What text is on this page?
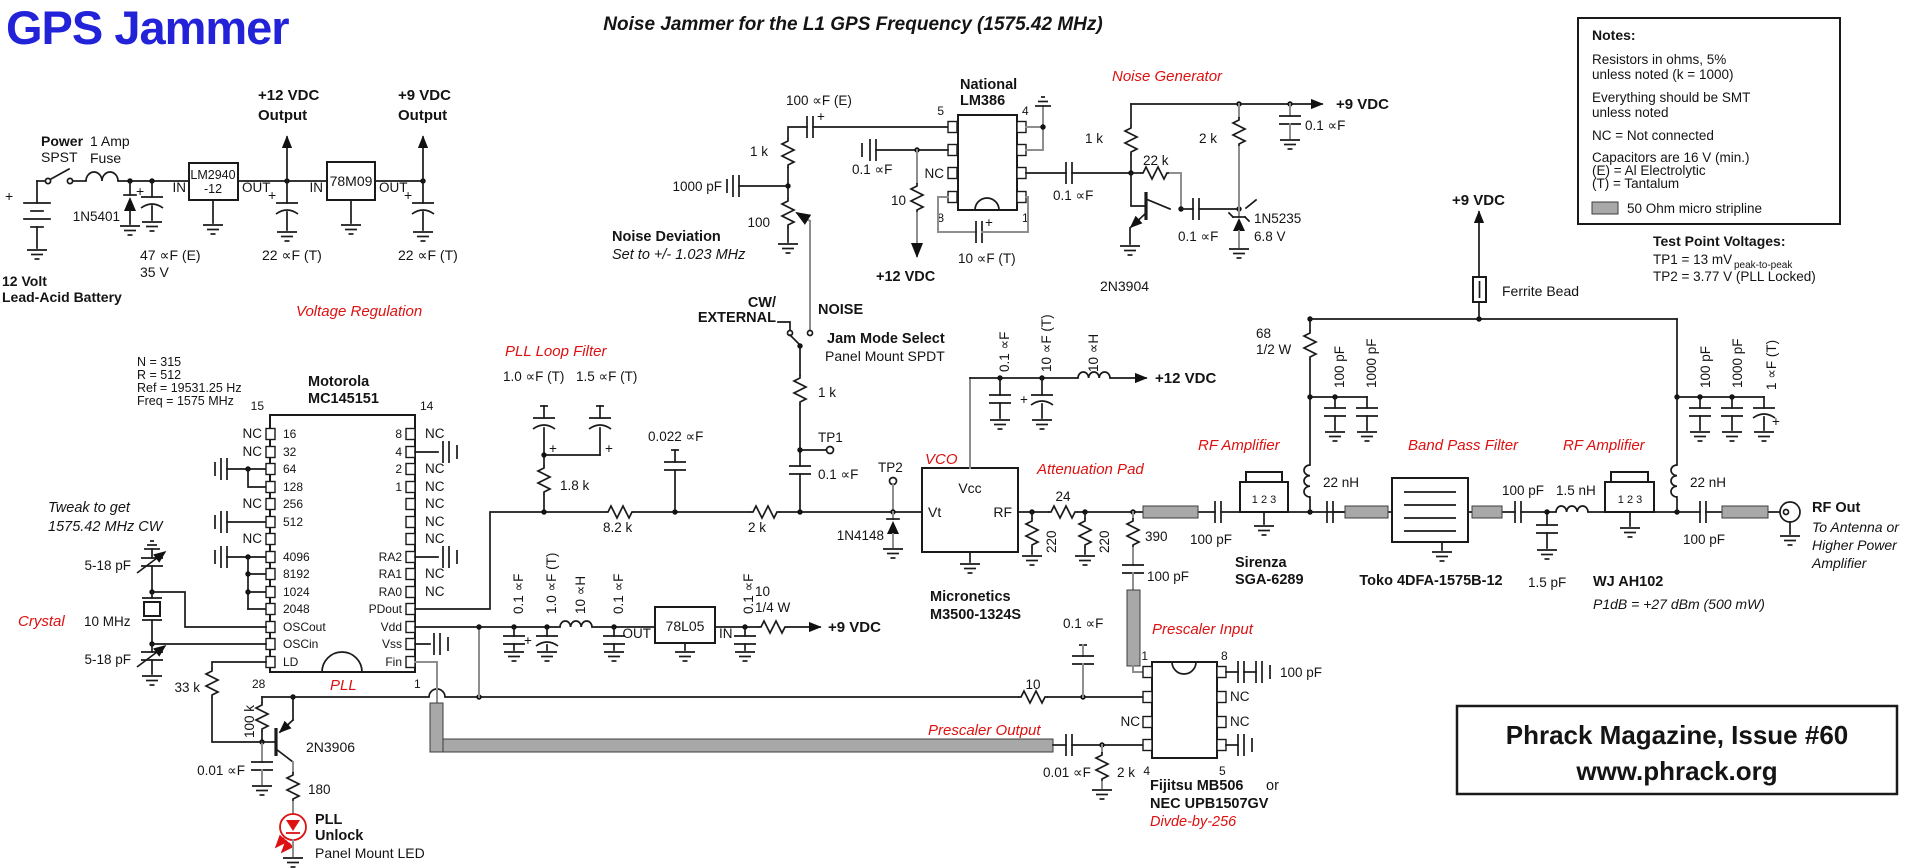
GPS Jammer	Noise Jammer for the L1 GPS Frequency (1575.42 MHz)	Notes:
Resistors in ohms, 5%
unless noted (k = 1000)
Everything should be SMT
unless noted
NC = Not connected
Capacitors are 16 V (min.)
(E) = Al Electrolytic
(T) = Tantalum
50 Ohm micro stripline
Test Point Voltages:
TP1 = 13 mV peak-to-peak
TP2 = 3.77 V (PLL Locked)
+
12 Volt
Lead-Acid Battery
Power
SPST
1 Amp
Fuse
1N5401
+
47 ∝F (E)
35 V
LM2940
-12
IN	OUT
+12 VDC
Output
+
22 ∝F (T)
78M09
IN	OUT
+9 VDC
Output
+
22 ∝F (T)
Voltage Regulation
N = 315
R = 512
Ref = 19531.25 Hz
Freq = 1575 MHz
Motorola
MC145151
NC
NC
NC
NC
15	14
28	1
16
32
64
128
256
512
4096
8192
1024
2048
OSCout
OSCin
LD
8
4
2
1
RA2
RA1
RA0
PDout
Vdd
Vss
Fin
NC
NC
NC
NC
NC
NC
NC
NC
PLL
Tweak to get
1575.42 MHz CW
5-18 pF
Crystal 10 MHz
5-18 pF
33 k
100 k
0.01 ∝F
2N3906
180
PLL
Unlock
Panel Mount LED
10
0.1 ∝F
PLL Loop Filter
1.0 ∝F (T) 1.5 ∝F (T)
+	+
1.8 k
8.2 k
0.022 ∝F
2 k
0.1 ∝F
+
1.0 ∝F (T) 10 ∝H 0.1 ∝F
78L05
OUT	IN
0.1 ∝F 10
1/4 W
+9 VDC
100 ∝F (E)
+
1 k
1000 pF
100
Noise Deviation
Set to +/- 1.023 MHz
CW/
EXTERNAL	NOISE
Jam Mode Select
Panel Mount SPDT
1 k
TP1
0.1 ∝F
National
LM386
5	4
8	1
0.1 ∝F
10
+12 VDC
NC
+
10 ∝F (T)
0.1 ∝F
Noise Generator
+9 VDC
1 k
22 k
2N3904
0.1 ∝F
1N5235
6.8 V
2 k
0.1 ∝F
TP2
1N4148
VCO
Vcc
Vt	RF
Micronetics
M3500-1324S
0.1 ∝F
+
10 ∝F (T) 10 ∝H
+12 VDC
Attenuation Pad
220
24
220 390
100 pF
Prescaler Input
RF Amplifier
100 pF
1 2 3
Sirenza
SGA-6289
22 nH
100 pF 1000 pF
68
1/2 W
+9 VDC
Ferrite Bead
Band Pass Filter
Toko 4DFA-1575B-12
RF Amplifier
100 pF
1.5 pF
1.5 nH
1 2 3
WJ AH102
P1dB = +27 dBm (500 mW)
22 nH
100 pF 1000 pF
+
1 ∝F (T)
100 pF
RF Out
To Antenna or
Higher Power
Amplifier
Prescaler Output
0.01 ∝F 2 k
1	8
4	5
NC
100 pF
NC
NC
Fijitsu MB506 or
NEC UPB1507GV
Divde-by-256
Phrack Magazine, Issue #60
www.phrack.org
